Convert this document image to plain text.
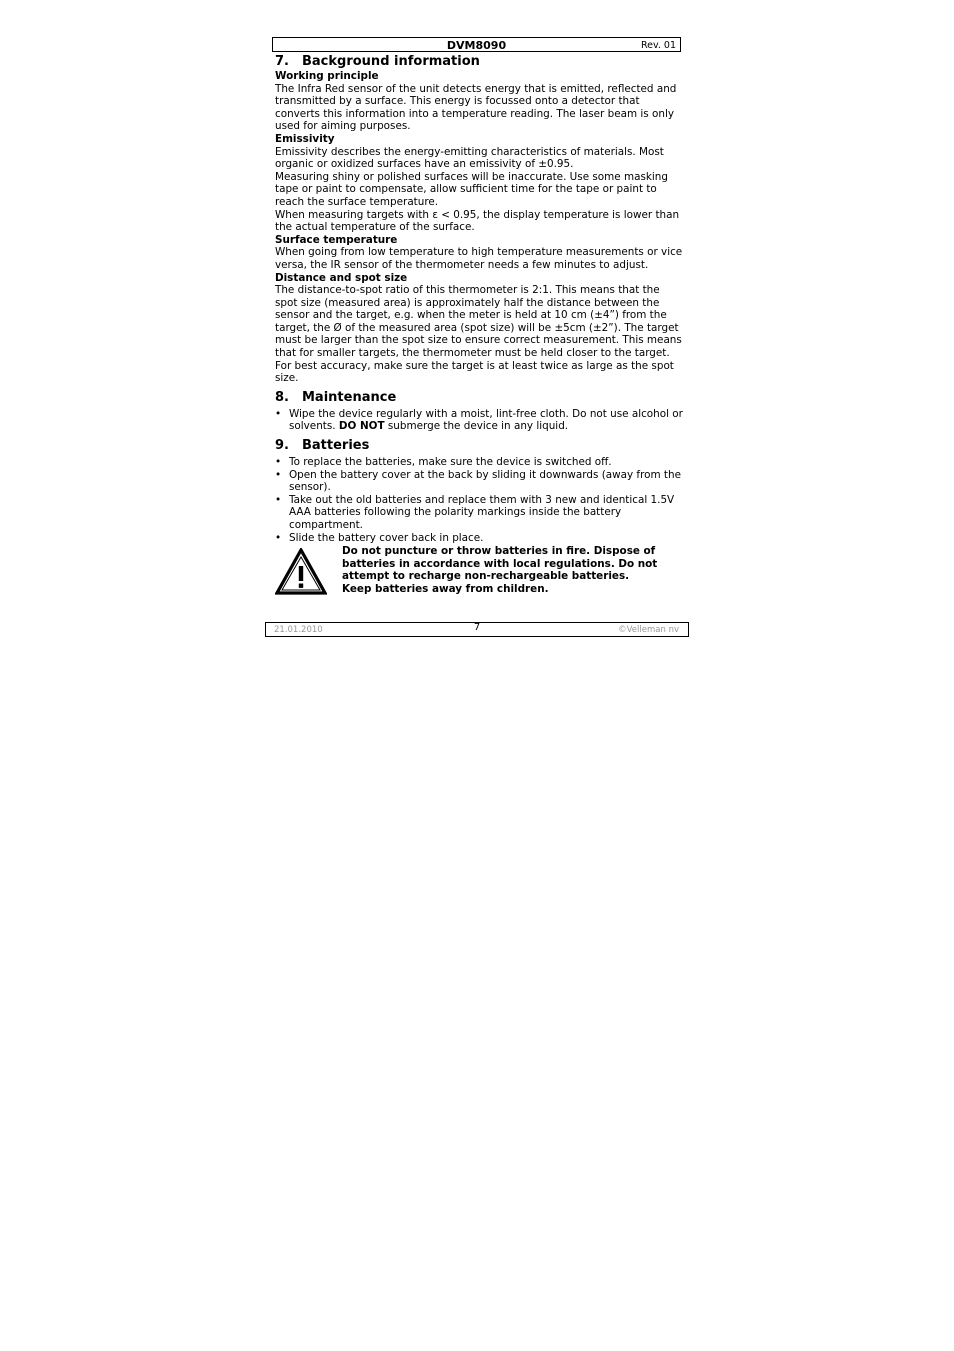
DVM8090	Rev. 01
7. Background information
Working principle

The Infra Red sensor of the unit detects energy that is emitted, reflected and transmitted by a surface. This energy is focussed onto a detector that converts this information into a temperature reading. The laser beam is only used for aiming purposes.

Emissivity

Emissivity describes the energy-emitting characteristics of materials. Most organic or oxidized surfaces have an emissivity of ±0.95.

Measuring shiny or polished surfaces will be inaccurate. Use some masking tape or paint to compensate, allow sufficient time for the tape or paint to reach the surface temperature.

When measuring targets with ε < 0.95, the display temperature is lower than the actual temperature of the surface.

Surface temperature

When going from low temperature to high temperature measurements or vice versa, the IR sensor of the thermometer needs a few minutes to adjust.

Distance and spot size

The distance-to-spot ratio of this thermometer is 2:1. This means that the spot size (measured area) is approximately half the distance between the sensor and the target, e.g. when the meter is held at 10 cm (±4”) from the target, the Ø of the measured area (spot size) will be ±5cm (±2”). The target must be larger than the spot size to ensure correct measurement. This means that for smaller targets, the thermometer must be held closer to the target. For best accuracy, make sure the target is at least twice as large as the spot size.

8. Maintenance
• Wipe the device regularly with a moist, lint-free cloth. Do not use alcohol or solvents. DO NOT submerge the device in any liquid.
9. Batteries
• To replace the batteries, make sure the device is switched off.
• Open the battery cover at the back by sliding it downwards (away from the sensor).
• Take out the old batteries and replace them with 3 new and identical 1.5V AAA batteries following the polarity markings inside the battery compartment.
• Slide the battery cover back in place.
Do not puncture or throw batteries in fire. Dispose of batteries in accordance with local regulations. Do not attempt to recharge non-rechargeable batteries.
Keep batteries away from children.
21.01.2010	7	©Velleman nv
